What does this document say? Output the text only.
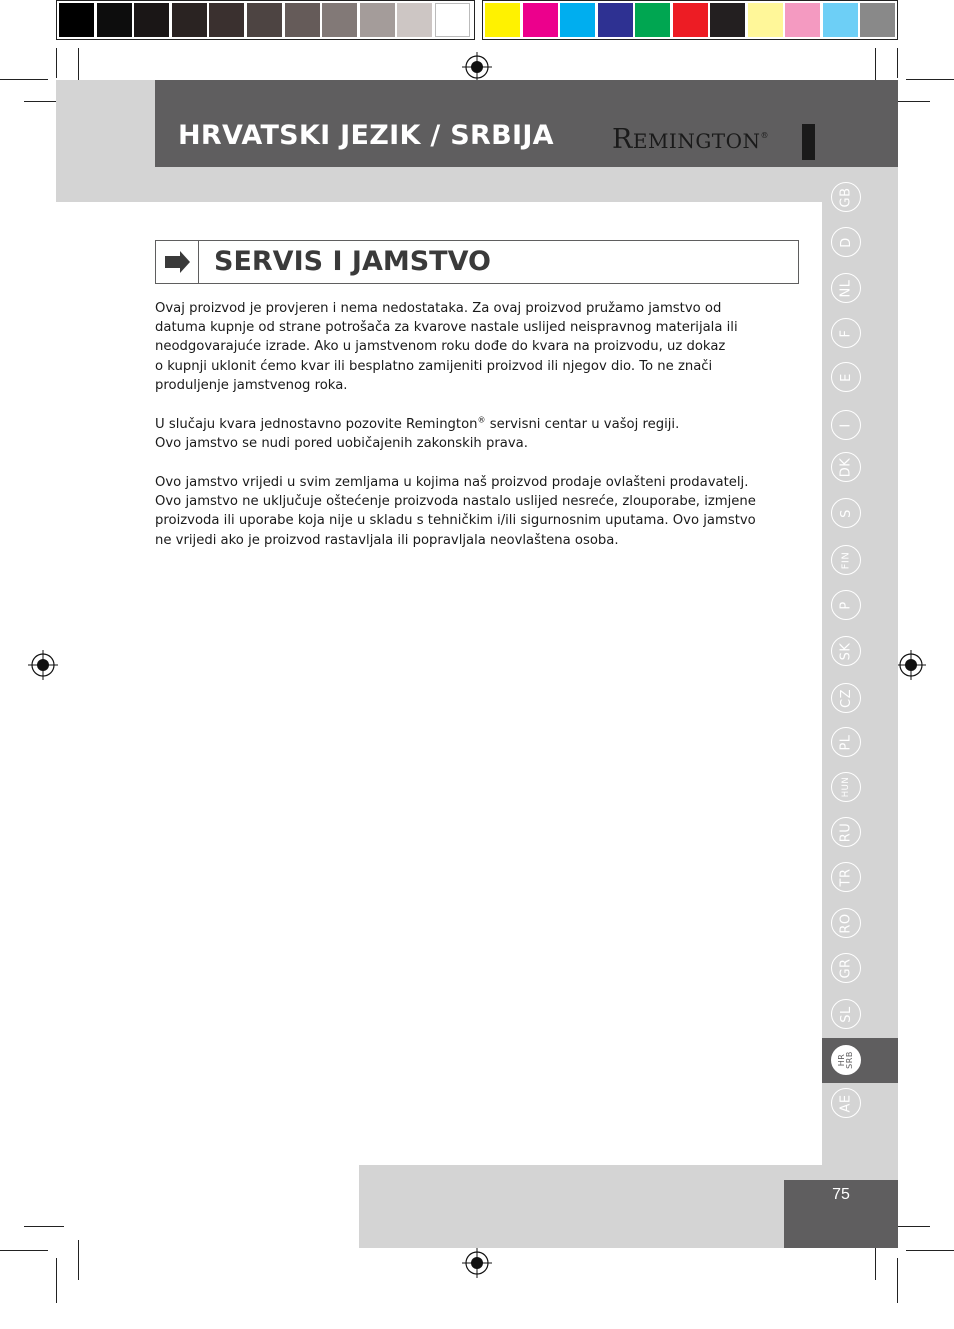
HRVATSKI JEZIK / SRBIJA REMINGTON®
GB
D
NL
F
E
I
DK
S
FIN
P
SK
CZ
PL
HUN
RU
TR
RO
GR
SL
HR SRB
AE
75
SERVIS I JAMSTVO
Ovaj proizvod je provjeren i nema nedostataka. Za ovaj proizvod pružamo jamstvo od
datuma kupnje od strane potrošača za kvarove nastale uslijed neispravnog materijala ili
neodgovarajuće izrade. Ako u jamstvenom roku dođe do kvara na proizvodu, uz dokaz
o kupnji uklonit ćemo kvar ili besplatno zamijeniti proizvod ili njegov dio. To ne znači
produljenje jamstvenog roka.
U slučaju kvara jednostavno pozovite Remington® servisni centar u vašoj regiji.
Ovo jamstvo se nudi pored uobičajenih zakonskih prava.
Ovo jamstvo vrijedi u svim zemljama u kojima naš proizvod prodaje ovlašteni prodavatelj.
Ovo jamstvo ne uključuje oštećenje proizvoda nastalo uslijed nesreće, zlouporabe, izmjene
proizvoda ili uporabe koja nije u skladu s tehničkim i/ili sigurnosnim uputama. Ovo jamstvo
ne vrijedi ako je proizvod rastavljala ili popravljala neovlaštena osoba.
